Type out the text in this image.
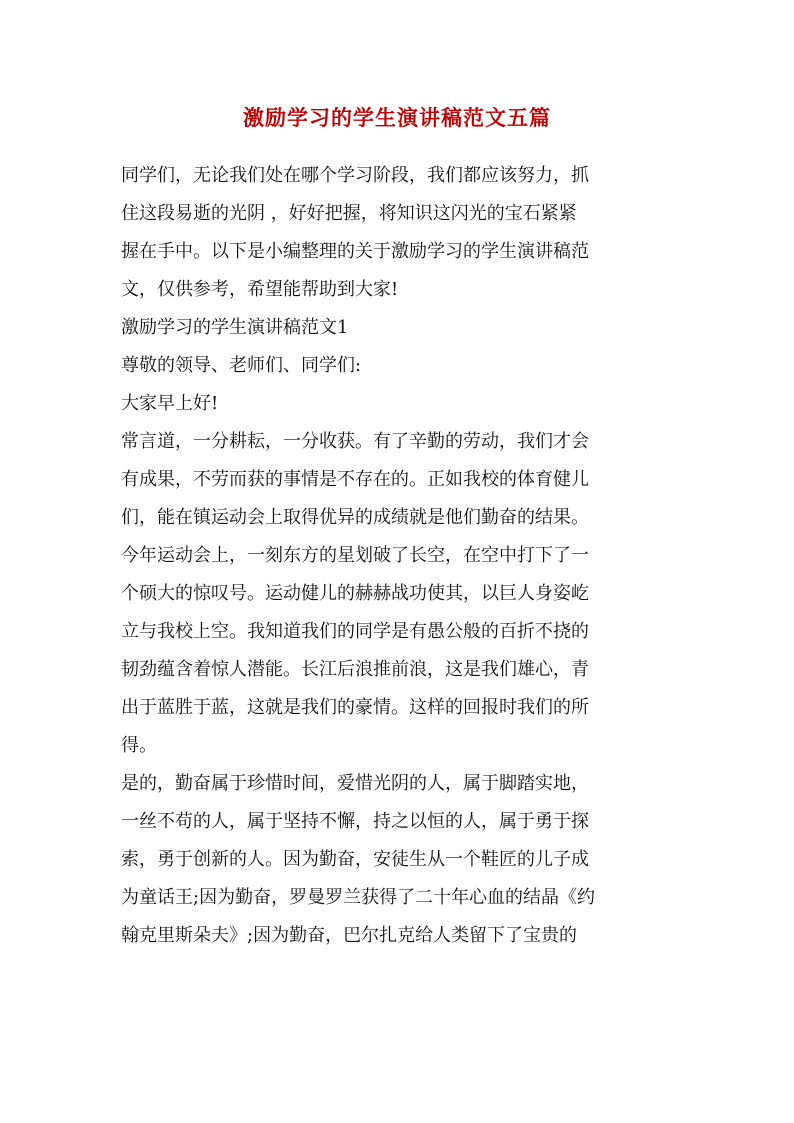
激励学习的学生演讲稿范文五篇
同学们，无论我们处在哪个学习阶段，我们都应该努力，抓
住这段易逝的光阴 ，好好把握，将知识这闪光的宝石紧紧
握在手中。以下是小编整理的关于激励学习的学生演讲稿范
文，仅供参考，希望能帮助到大家!
激励学习的学生演讲稿范文1
尊敬的领导、老师们、同学们:
大家早上好!
常言道，一分耕耘，一分收获。有了辛勤的劳动，我们才会
有成果，不劳而获的事情是不存在的。正如我校的体育健儿
们，能在镇运动会上取得优异的成绩就是他们勤奋的结果。
今年运动会上，一刻东方的星划破了长空，在空中打下了一
个硕大的惊叹号。运动健儿的赫赫战功使其，以巨人身姿屹
立与我校上空。我知道我们的同学是有愚公般的百折不挠的
韧劲蕴含着惊人潜能。长江后浪推前浪，这是我们雄心，青
出于蓝胜于蓝，这就是我们的豪情。这样的回报时我们的所
得。
是的，勤奋属于珍惜时间，爱惜光阴的人，属于脚踏实地，
一丝不苟的人，属于坚持不懈，持之以恒的人，属于勇于探
索，勇于创新的人。因为勤奋，安徒生从一个鞋匠的儿子成
为童话王;因为勤奋，罗曼罗兰获得了二十年心血的结晶《约
翰克里斯朵夫》;因为勤奋，巴尔扎克给人类留下了宝贵的
